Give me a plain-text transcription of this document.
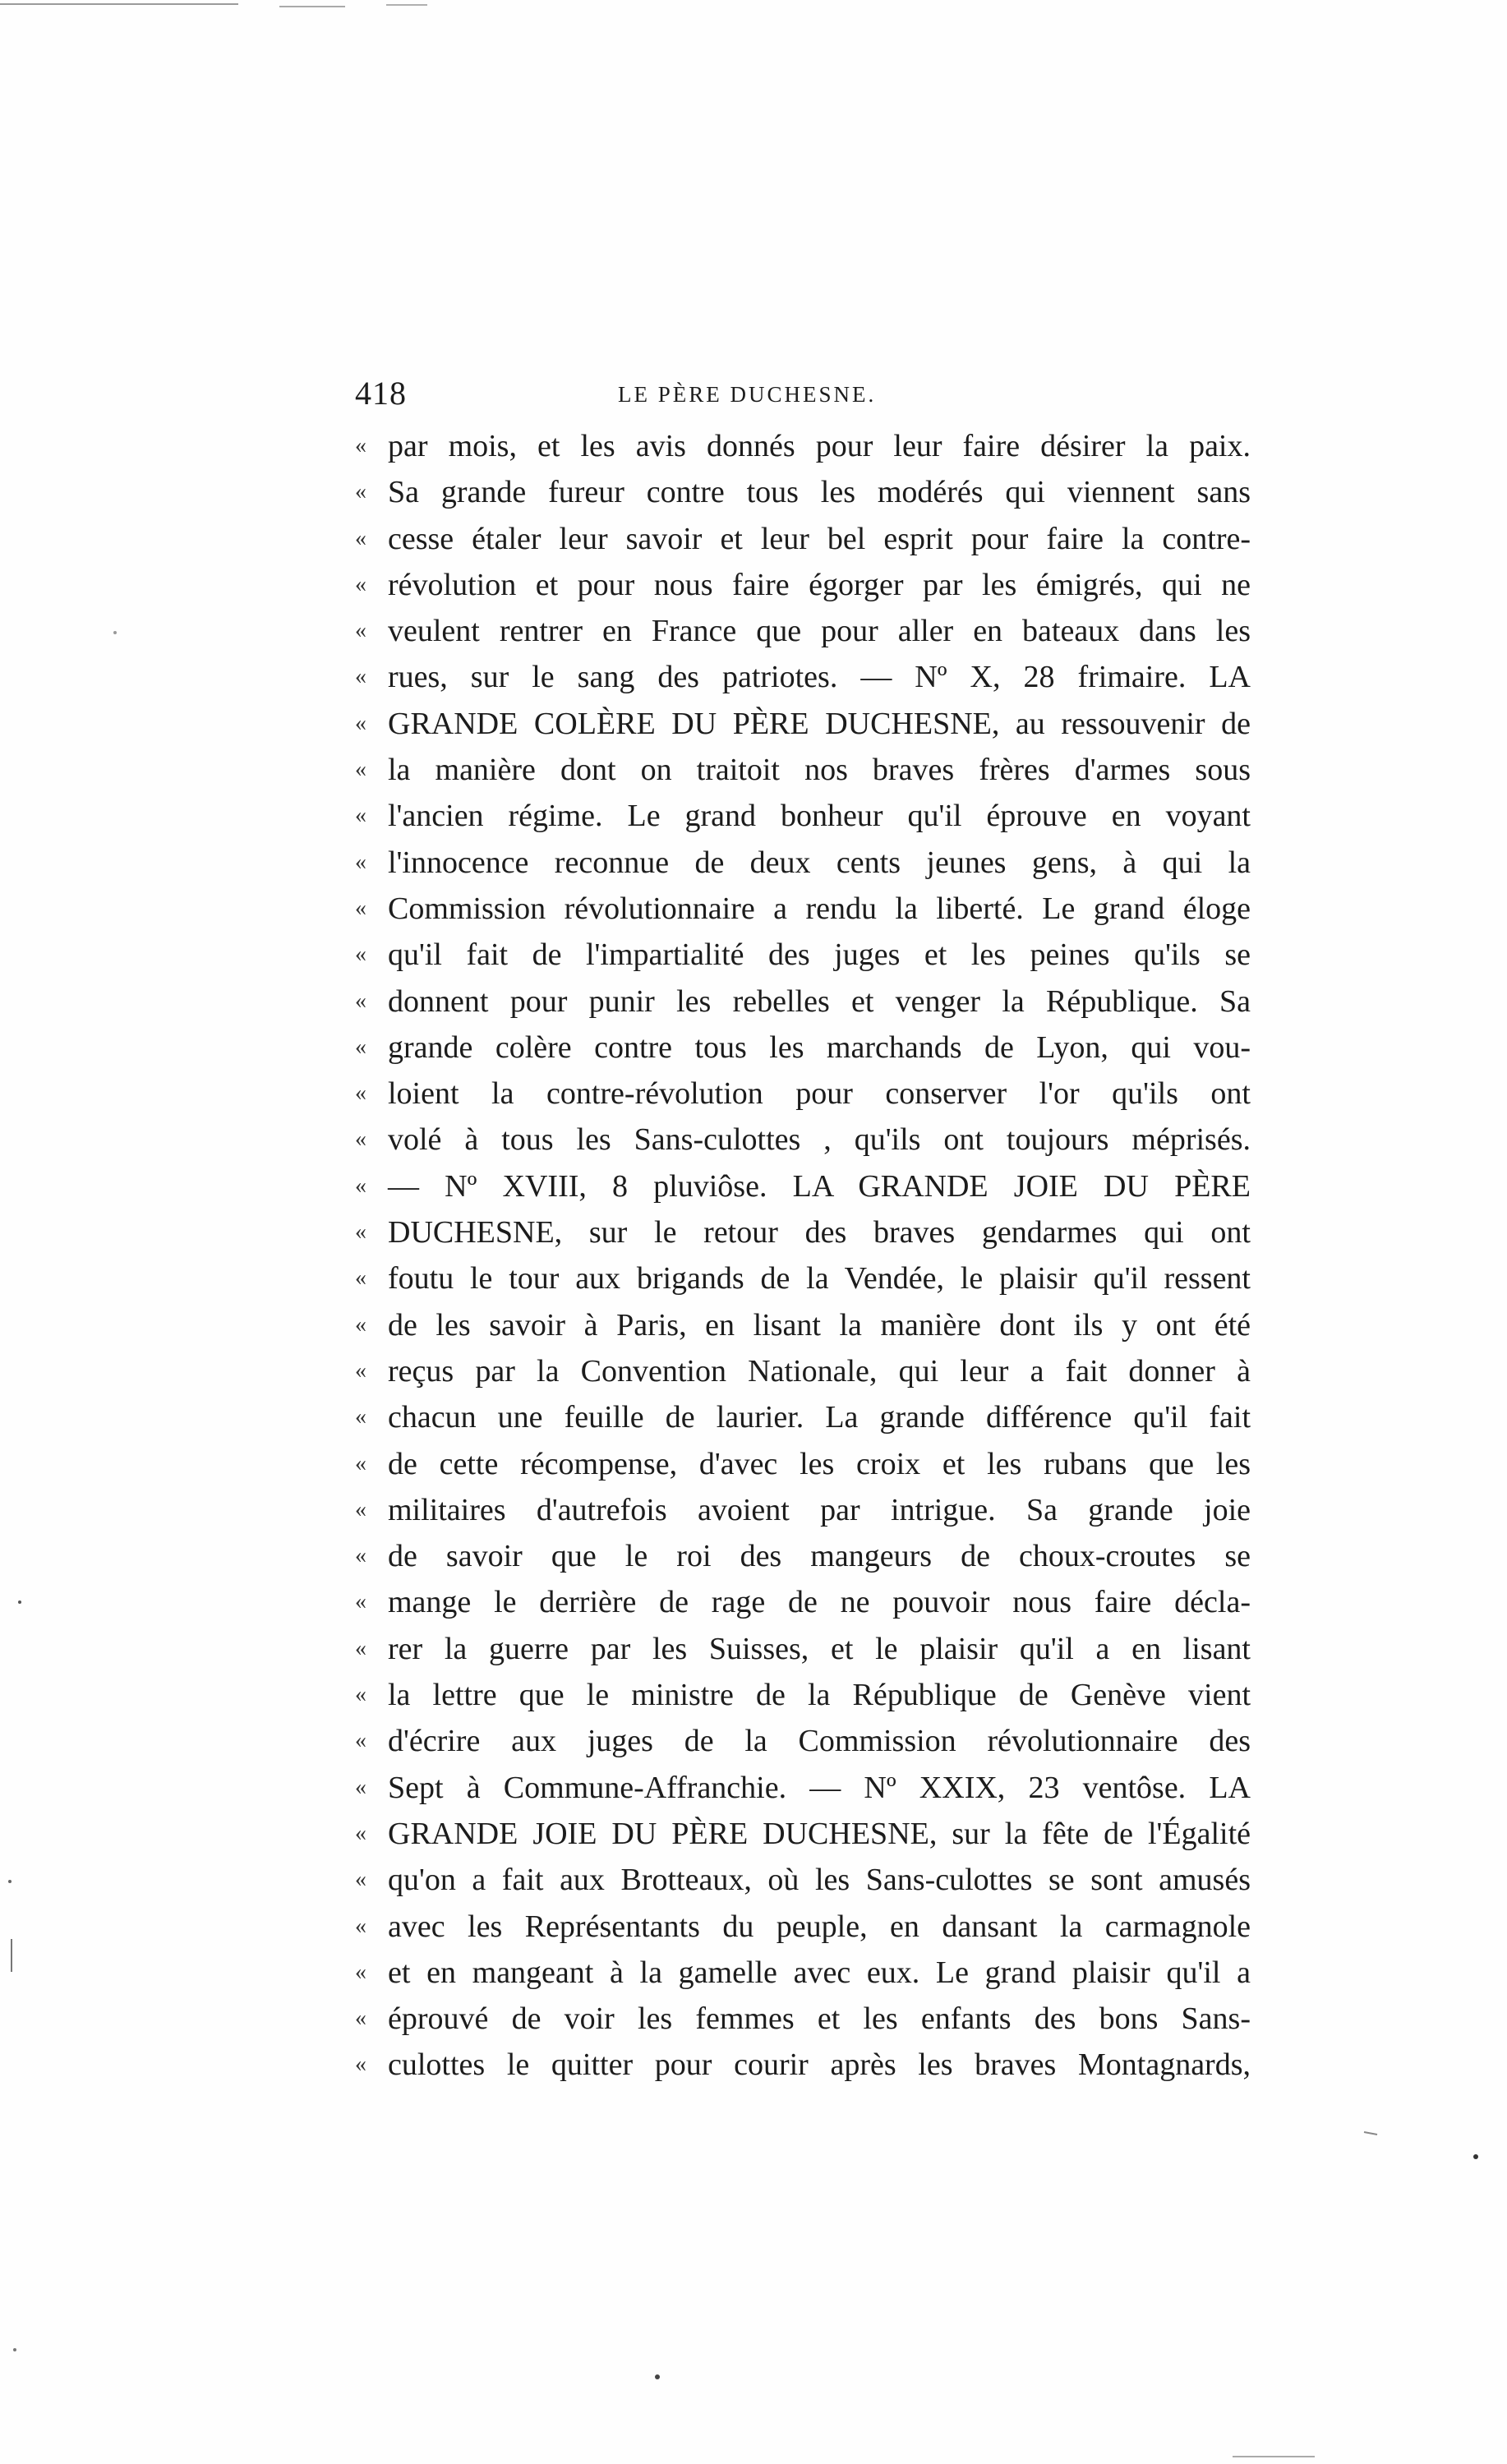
418	LE PÈRE DUCHESNE.
« par mois, et les avis donnés pour leur faire désirer la paix.
« Sa grande fureur contre tous les modérés qui viennent sans
« cesse étaler leur savoir et leur bel esprit pour faire la contre-
« révolution et pour nous faire égorger par les émigrés, qui ne
« veulent rentrer en France que pour aller en bateaux dans les
« rues, sur le sang des patriotes. — Nº X, 28 frimaire. LA
« GRANDE COLÈRE DU PÈRE DUCHESNE, au ressouvenir de
« la manière dont on traitoit nos braves frères d'armes sous
« l'ancien régime. Le grand bonheur qu'il éprouve en voyant
« l'innocence reconnue de deux cents jeunes gens, à qui la
« Commission révolutionnaire a rendu la liberté. Le grand éloge
« qu'il fait de l'impartialité des juges et les peines qu'ils se
« donnent pour punir les rebelles et venger la République. Sa
« grande colère contre tous les marchands de Lyon, qui vou-
« loient la contre-révolution pour conserver l'or qu'ils ont
« volé à tous les Sans-culottes , qu'ils ont toujours méprisés.
« — Nº XVIII, 8 pluviôse. LA GRANDE JOIE DU PÈRE
« DUCHESNE, sur le retour des braves gendarmes qui ont
« foutu le tour aux brigands de la Vendée, le plaisir qu'il ressent
« de les savoir à Paris, en lisant la manière dont ils y ont été
« reçus par la Convention Nationale, qui leur a fait donner à
« chacun une feuille de laurier. La grande différence qu'il fait
« de cette récompense, d'avec les croix et les rubans que les
« militaires d'autrefois avoient par intrigue. Sa grande joie
« de savoir que le roi des mangeurs de choux-croutes se
« mange le derrière de rage de ne pouvoir nous faire décla-
« rer la guerre par les Suisses, et le plaisir qu'il a en lisant
« la lettre que le ministre de la République de Genève vient
« d'écrire aux juges de la Commission révolutionnaire des
« Sept à Commune-Affranchie. — Nº XXIX, 23 ventôse. LA
« GRANDE JOIE DU PÈRE DUCHESNE, sur la fête de l'Égalité
« qu'on a fait aux Brotteaux, où les Sans-culottes se sont amusés
« avec les Représentants du peuple, en dansant la carmagnole
« et en mangeant à la gamelle avec eux. Le grand plaisir qu'il a
« éprouvé de voir les femmes et les enfants des bons Sans-
« culottes le quitter pour courir après les braves Montagnards,
